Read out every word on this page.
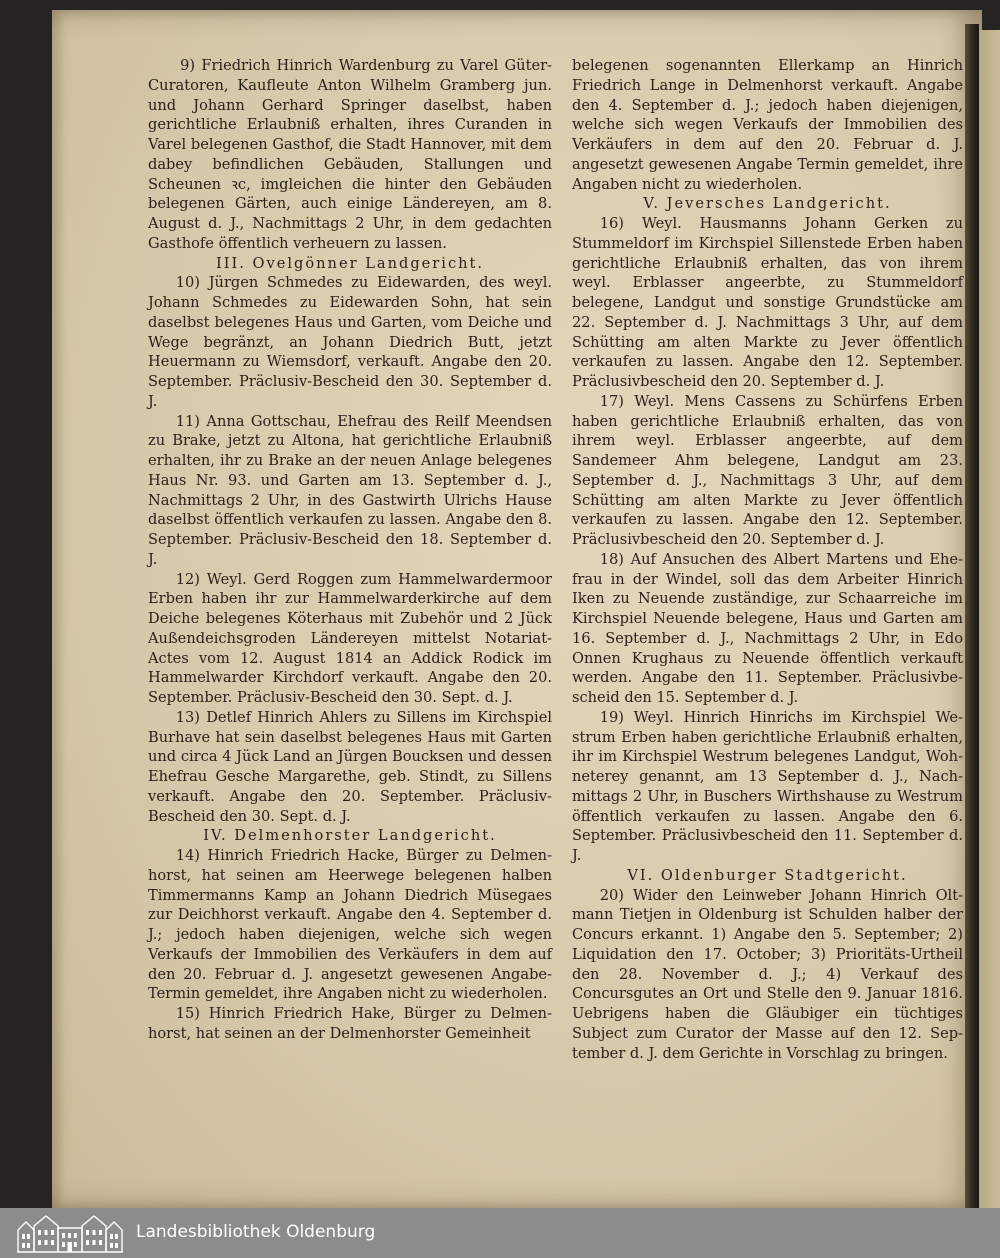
9) Friedrich Hinrich Wardenburg zu Varel Güter-Curatoren, Kaufleute Anton Wilhelm Gramberg jun. und Johann Gerhard Springer daselbst, haben gerichtliche Erlaubniß erhalten, ihres Curanden in Varel belegenen Gasthof, die Stadt Hannover, mit dem dabey befindlichen Gebäuden, Stallungen und Scheunen ꝛc, imgleichen die hinter den Gebäuden belegenen Gärten, auch einige Ländereyen, am 8. August d. J., Nachmittags 2 Uhr, in dem gedachten Gasthofe öffentlich verheuern zu lassen.

III. Ovelgönner Landgericht.

10) Jürgen Schmedes zu Eidewarden, des weyl. Johann Schmedes zu Eidewarden Sohn, hat sein daselbst belegenes Haus und Garten, vom Deiche und Wege begränzt, an Johann Diedrich Butt, jetzt Heuermann zu Wiemsdorf, verkauft. Angabe den 20. September. Präclusiv-Bescheid den 30. September d. J.

11) Anna Gottschau, Ehefrau des Reilf Meendsen zu Brake, jetzt zu Altona, hat gerichtliche Erlaubniß erhalten, ihr zu Brake an der neuen Anlage belegenes Haus Nr. 93. und Garten am 13. September d. J., Nachmittags 2 Uhr, in des Gastwirth Ulrichs Hause daselbst öffentlich verkaufen zu lassen. Angabe den 8. September. Präclusiv-Bescheid den 18. September d. J.

12) Weyl. Gerd Roggen zum Hammelwardermoor Erben haben ihr zur Hammelwarderkirche auf dem Deiche belegenes Köterhaus mit Zubehör und 2 Jück Außendeichsgroden Ländereyen mittelst Notariat-Actes vom 12. August 1814 an Addick Rodick im Hammelwarder Kirchdorf verkauft. Angabe den 20. September. Präclusiv-Bescheid den 30. Sept. d. J.

13) Detlef Hinrich Ahlers zu Sillens im Kirchspiel Burhave hat sein daselbst belegenes Haus mit Garten und circa 4 Jück Land an Jürgen Boucksen und dessen Ehefrau Gesche Margarethe, geb. Stindt, zu Sillens verkauft. Angabe den 20. September. Präclusiv-Bescheid den 30. Sept. d. J.

IV. Delmenhorster Landgericht.

14) Hinrich Friedrich Hacke, Bürger zu Delmenhorst, hat seinen am Heerwege belegenen halben Timmermanns Kamp an Johann Diedrich Müsegaes zur Deichhorst verkauft. Angabe den 4. September d. J.; jedoch haben diejenigen, welche sich wegen Verkaufs der Immobilien des Verkäufers in dem auf den 20. Februar d. J. angesetzt gewesenen Angabe-Termin gemeldet, ihre Angaben nicht zu wiederholen.

15) Hinrich Friedrich Hake, Bürger zu Delmenhorst, hat seinen an der Delmenhorster Gemeinheit

belegenen sogenannten Ellerkamp an Hinrich Friedrich Lange in Delmenhorst verkauft. Angabe den 4. September d. J.; jedoch haben diejenigen, welche sich wegen Verkaufs der Immobilien des Verkäufers in dem auf den 20. Februar d. J. angesetzt gewesenen Angabe Termin gemeldet, ihre Angaben nicht zu wiederholen.

V. Jeversches Landgericht.

16) Weyl. Hausmanns Johann Gerken zu Stummeldorf im Kirchspiel Sillenstede Erben haben gerichtliche Erlaubniß erhalten, das von ihrem weyl. Erblasser angeerbte, zu Stummeldorf belegene, Landgut und sonstige Grundstücke am 22. September d. J. Nachmittags 3 Uhr, auf dem Schütting am alten Markte zu Jever öffentlich verkaufen zu lassen. Angabe den 12. September. Präclusivbescheid den 20. September d. J.

17) Weyl. Mens Cassens zu Schürfens Erben haben gerichtliche Erlaubniß erhalten, das von ihrem weyl. Erblasser angeerbte, auf dem Sandemeer Ahm belegene, Landgut am 23. September d. J., Nachmittags 3 Uhr, auf dem Schütting am alten Markte zu Jever öffentlich verkaufen zu lassen. Angabe den 12. September. Präclusivbescheid den 20. September d. J.

18) Auf Ansuchen des Albert Martens und Ehefrau in der Windel, soll das dem Arbeiter Hinrich Iken zu Neuende zuständige, zur Schaarreiche im Kirchspiel Neuende belegene, Haus und Garten am 16. September d. J., Nachmittags 2 Uhr, in Edo Onnen Krughaus zu Neuende öffentlich verkauft werden. Angabe den 11. September. Präclusivbescheid den 15. September d. J.

19) Weyl. Hinrich Hinrichs im Kirchspiel Westrum Erben haben gerichtliche Erlaubniß erhalten, ihr im Kirchspiel Westrum belegenes Landgut, Wohneterey genannt, am 13 September d. J., Nachmittags 2 Uhr, in Buschers Wirthshause zu Westrum öffentlich verkaufen zu lassen. Angabe den 6. September. Präclusivbescheid den 11. September d. J.

VI. Oldenburger Stadtgericht.

20) Wider den Leinweber Johann Hinrich Oltmann Tietjen in Oldenburg ist Schulden halber der Concurs erkannt. 1) Angabe den 5. September; 2) Liquidation den 17. October; 3) Prioritäts-Urtheil den 28. November d. J.; 4) Verkauf des Concursgutes an Ort und Stelle den 9. Januar 1816. Uebrigens haben die Gläubiger ein tüchtiges Subject zum Curator der Masse auf den 12. September d. J. dem Gerichte in Vorschlag zu bringen.

Landesbibliothek Oldenburg
